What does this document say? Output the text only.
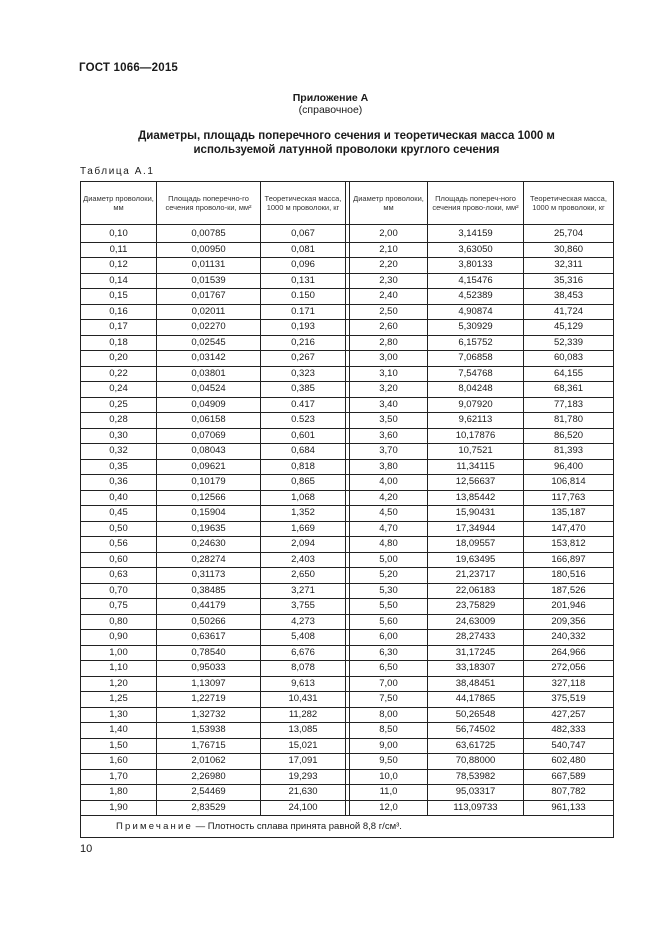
ГОСТ 1066—2015
Приложение А
(справочное)
Диаметры, площадь поперечного сечения и теоретическая масса 1000 м
используемой латунной проволоки круглого сечения
Таблица А.1
Диаметр проволоки, мм	Площадь поперечно-го сечения проволо-ки, мм²	Теоретическая масса, 1000 м проволоки, кг		Диаметр проволоки, мм	Площадь попереч-ного сечения прово-локи, мм²	Теоретическая масса, 1000 м проволоки, кг
0,10	0,00785	0,067		2,00	3,14159	25,704
0,11	0,00950	0,081		2,10	3,63050	30,860
0,12	0,01131	0,096		2,20	3,80133	32,311
0,14	0,01539	0,131		2,30	4,15476	35,316
0,15	0,01767	0.150		2,40	4,52389	38,453
0,16	0,02011	0.171		2,50	4,90874	41,724
0,17	0,02270	0,193		2,60	5,30929	45,129
0,18	0,02545	0,216		2,80	6,15752	52,339
0,20	0,03142	0,267		3,00	7,06858	60,083
0,22	0,03801	0,323		3,10	7,54768	64,155
0,24	0,04524	0,385		3,20	8,04248	68,361
0,25	0,04909	0.417		3,40	9,07920	77,183
0,28	0,06158	0.523		3,50	9,62113	81,780
0,30	0,07069	0,601		3,60	10,17876	86,520
0,32	0,08043	0,684		3,70	10,7521	81,393
0,35	0,09621	0,818		3,80	11,34115	96,400
0,36	0,10179	0,865		4,00	12,56637	106,814
0,40	0,12566	1,068		4,20	13,85442	117,763
0,45	0,15904	1,352		4,50	15,90431	135,187
0,50	0,19635	1,669		4,70	17,34944	147,470
0,56	0,24630	2,094		4,80	18,09557	153,812
0,60	0,28274	2,403		5,00	19,63495	166,897
0,63	0,31173	2,650		5,20	21,23717	180,516
0,70	0,38485	3,271		5,30	22,06183	187,526
0,75	0,44179	3,755		5,50	23,75829	201,946
0,80	0,50266	4,273		5,60	24,63009	209,356
0,90	0,63617	5,408		6,00	28,27433	240,332
1,00	0,78540	6,676		6,30	31,17245	264,966
1,10	0,95033	8,078		6,50	33,18307	272,056
1,20	1,13097	9,613		7,00	38,48451	327,118
1,25	1,22719	10,431		7,50	44,17865	375,519
1,30	1,32732	11,282		8,00	50,26548	427,257
1,40	1,53938	13,085		8,50	56,74502	482,333
1,50	1,76715	15,021		9,00	63,61725	540,747
1,60	2,01062	17,091		9,50	70,88000	602,480
1,70	2,26980	19,293		10,0	78,53982	667,589
1,80	2,54469	21,630		11,0	95,03317	807,782
1,90	2,83529	24,100		12,0	113,09733	961,133
Примечание — Плотность сплава принята равной 8,8 г/см³.						
10
